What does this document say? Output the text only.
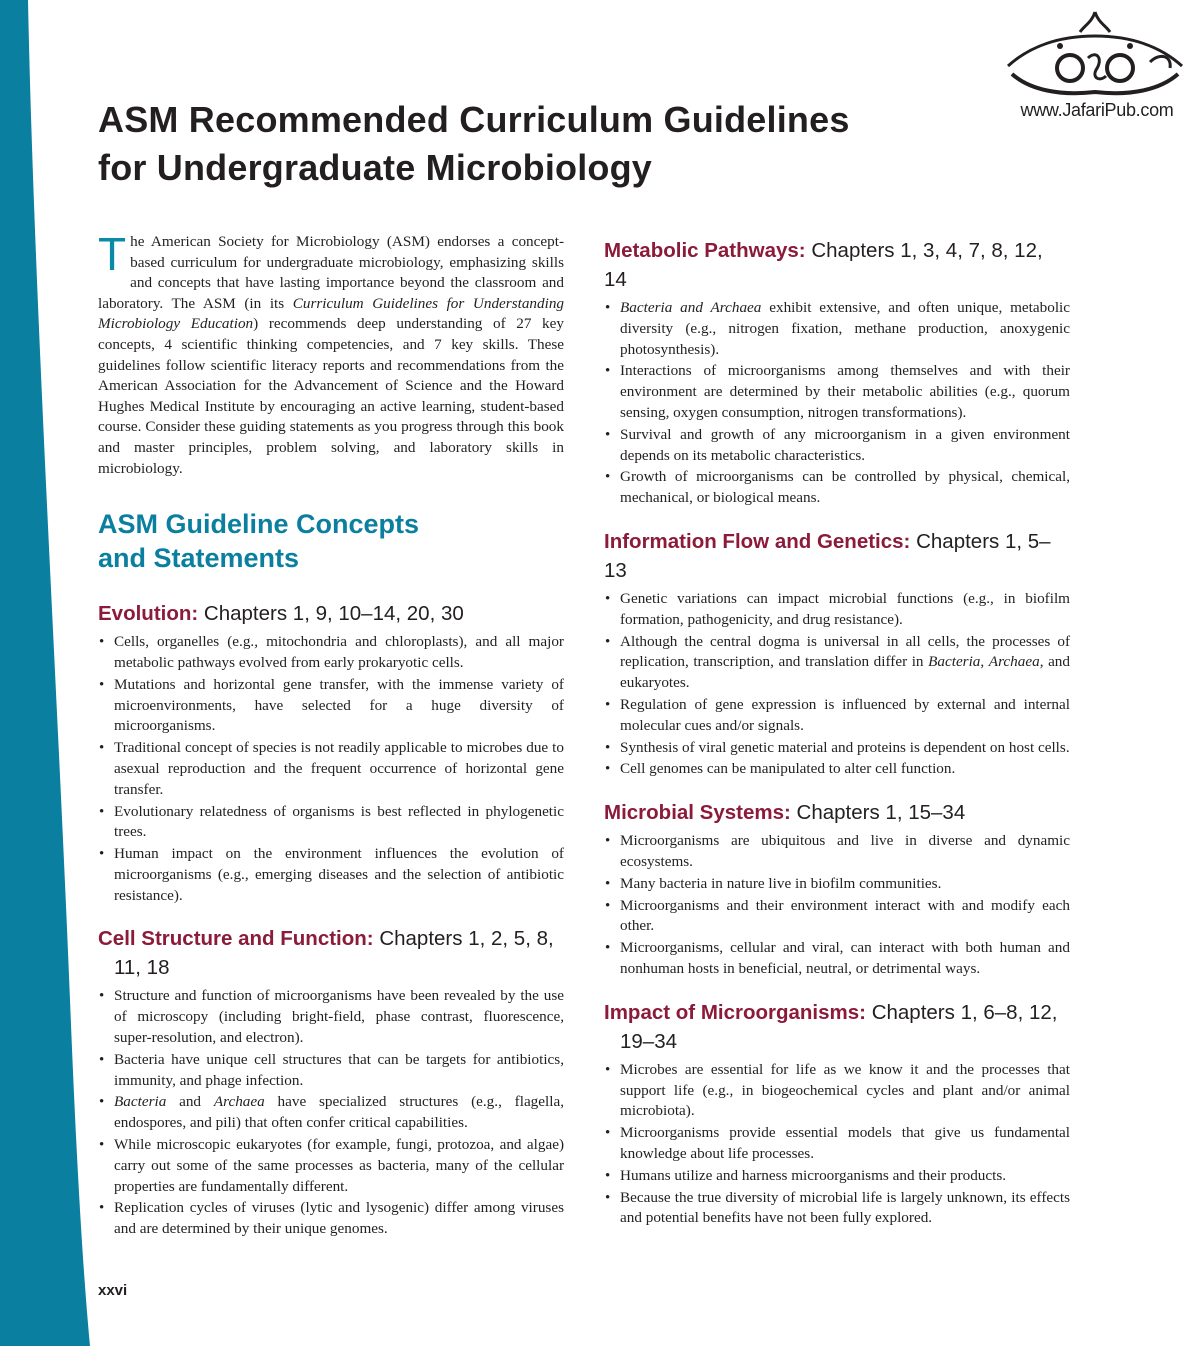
www.JafariPub.com
ASM Recommended Curriculum Guidelines
for Undergraduate Microbiology

The American Society for Microbiology (ASM) endorses a concept-based curriculum for undergraduate microbiology, emphasizing skills and concepts that have lasting importance beyond the classroom and laboratory. The ASM (in its Curriculum Guidelines for Understanding Microbiology Education) recommends deep understanding of 27 key concepts, 4 scientific thinking competencies, and 7 key skills. These guidelines follow scientific literacy reports and recommendations from the American Association for the Advancement of Science and the Howard Hughes Medical Institute by encouraging an active learning, student-based course. Consider these guiding statements as you progress through this book and master principles, problem solving, and laboratory skills in microbiology.

ASM Guideline Concepts
and Statements
Evolution: Chapters 1, 9, 10–14, 20, 30
• Cells, organelles (e.g., mitochondria and chloroplasts), and all major metabolic pathways evolved from early prokaryotic cells.
• Mutations and horizontal gene transfer, with the immense variety of microenvironments, have selected for a huge diversity of microorganisms.
• Traditional concept of species is not readily applicable to microbes due to asexual reproduction and the frequent occurrence of horizontal gene transfer.
• Evolutionary relatedness of organisms is best reflected in phylogenetic trees.
• Human impact on the environment influences the evolution of microorganisms (e.g., emerging diseases and the selection of antibiotic resistance).
Cell Structure and Function: Chapters 1, 2, 5, 8, 11, 18
• Structure and function of microorganisms have been revealed by the use of microscopy (including bright-field, phase contrast, fluorescence, super-resolution, and electron).
• Bacteria have unique cell structures that can be targets for antibiotics, immunity, and phage infection.
• Bacteria and Archaea have specialized structures (e.g., flagella, endospores, and pili) that often confer critical capabilities.
• While microscopic eukaryotes (for example, fungi, protozoa, and algae) carry out some of the same processes as bacteria, many of the cellular properties are fundamentally different.
• Replication cycles of viruses (lytic and lysogenic) differ among viruses and are determined by their unique genomes.
Metabolic Pathways: Chapters 1, 3, 4, 7, 8, 12, 14
• Bacteria and Archaea exhibit extensive, and often unique, metabolic diversity (e.g., nitrogen fixation, methane production, anoxygenic photosynthesis).
• Interactions of microorganisms among themselves and with their environment are determined by their metabolic abilities (e.g., quorum sensing, oxygen consumption, nitrogen transformations).
• Survival and growth of any microorganism in a given environment depends on its metabolic characteristics.
• Growth of microorganisms can be controlled by physical, chemical, mechanical, or biological means.
Information Flow and Genetics: Chapters 1, 5–13
• Genetic variations can impact microbial functions (e.g., in biofilm formation, pathogenicity, and drug resistance).
• Although the central dogma is universal in all cells, the processes of replication, transcription, and translation differ in Bacteria, Archaea, and eukaryotes.
• Regulation of gene expression is influenced by external and internal molecular cues and/or signals.
• Synthesis of viral genetic material and proteins is dependent on host cells.
• Cell genomes can be manipulated to alter cell function.
Microbial Systems: Chapters 1, 15–34
• Microorganisms are ubiquitous and live in diverse and dynamic ecosystems.
• Many bacteria in nature live in biofilm communities.
• Microorganisms and their environment interact with and modify each other.
• Microorganisms, cellular and viral, can interact with both human and nonhuman hosts in beneficial, neutral, or detrimental ways.
Impact of Microorganisms: Chapters 1, 6–8, 12, 19–34
• Microbes are essential for life as we know it and the processes that support life (e.g., in biogeochemical cycles and plant and/or animal microbiota).
• Microorganisms provide essential models that give us fundamental knowledge about life processes.
• Humans utilize and harness microorganisms and their products.
• Because the true diversity of microbial life is largely unknown, its effects and potential benefits have not been fully explored.
xxvi
